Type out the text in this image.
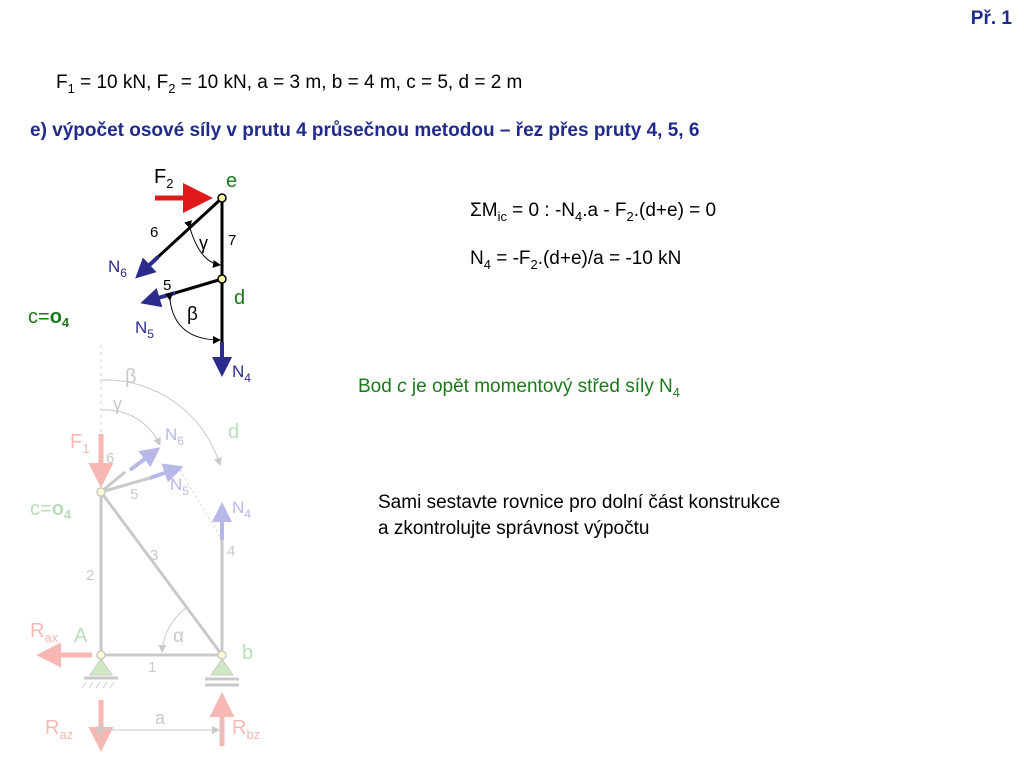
Př. 1
$F_1 = 10$ kN, $F_2 = 10$ kN, a = 3 m, b = 4 m, c = 5, d = 2 m
e) výpočet osové síly v prutu 4 průsečnou metodou – řez přes pruty 4, 5, 6
$\Sigma M_{ic} = 0$ : $-N_4.a - F_2.(d+e) = 0$
$N_4 = -F_2.(d+e)/a = -10$ kN
Bod c je opět momentový střed síly $N_4$
Sami sestavte rovnice pro dolní část konstrukce
a zkontrolujte správnost výpočtu
β
γ
$F_1$
$N_6$
$N_5$
$N_4$
d
$c=o_4$
6
5
4
3
2
1
α
A
b
$R_{ax}$
$R_{az}$	$R_{bz}$
a
$F_2$	e
d
6	7
5
γ
β
$N_6$
$N_5$
$N_4$
$c=o_4$
